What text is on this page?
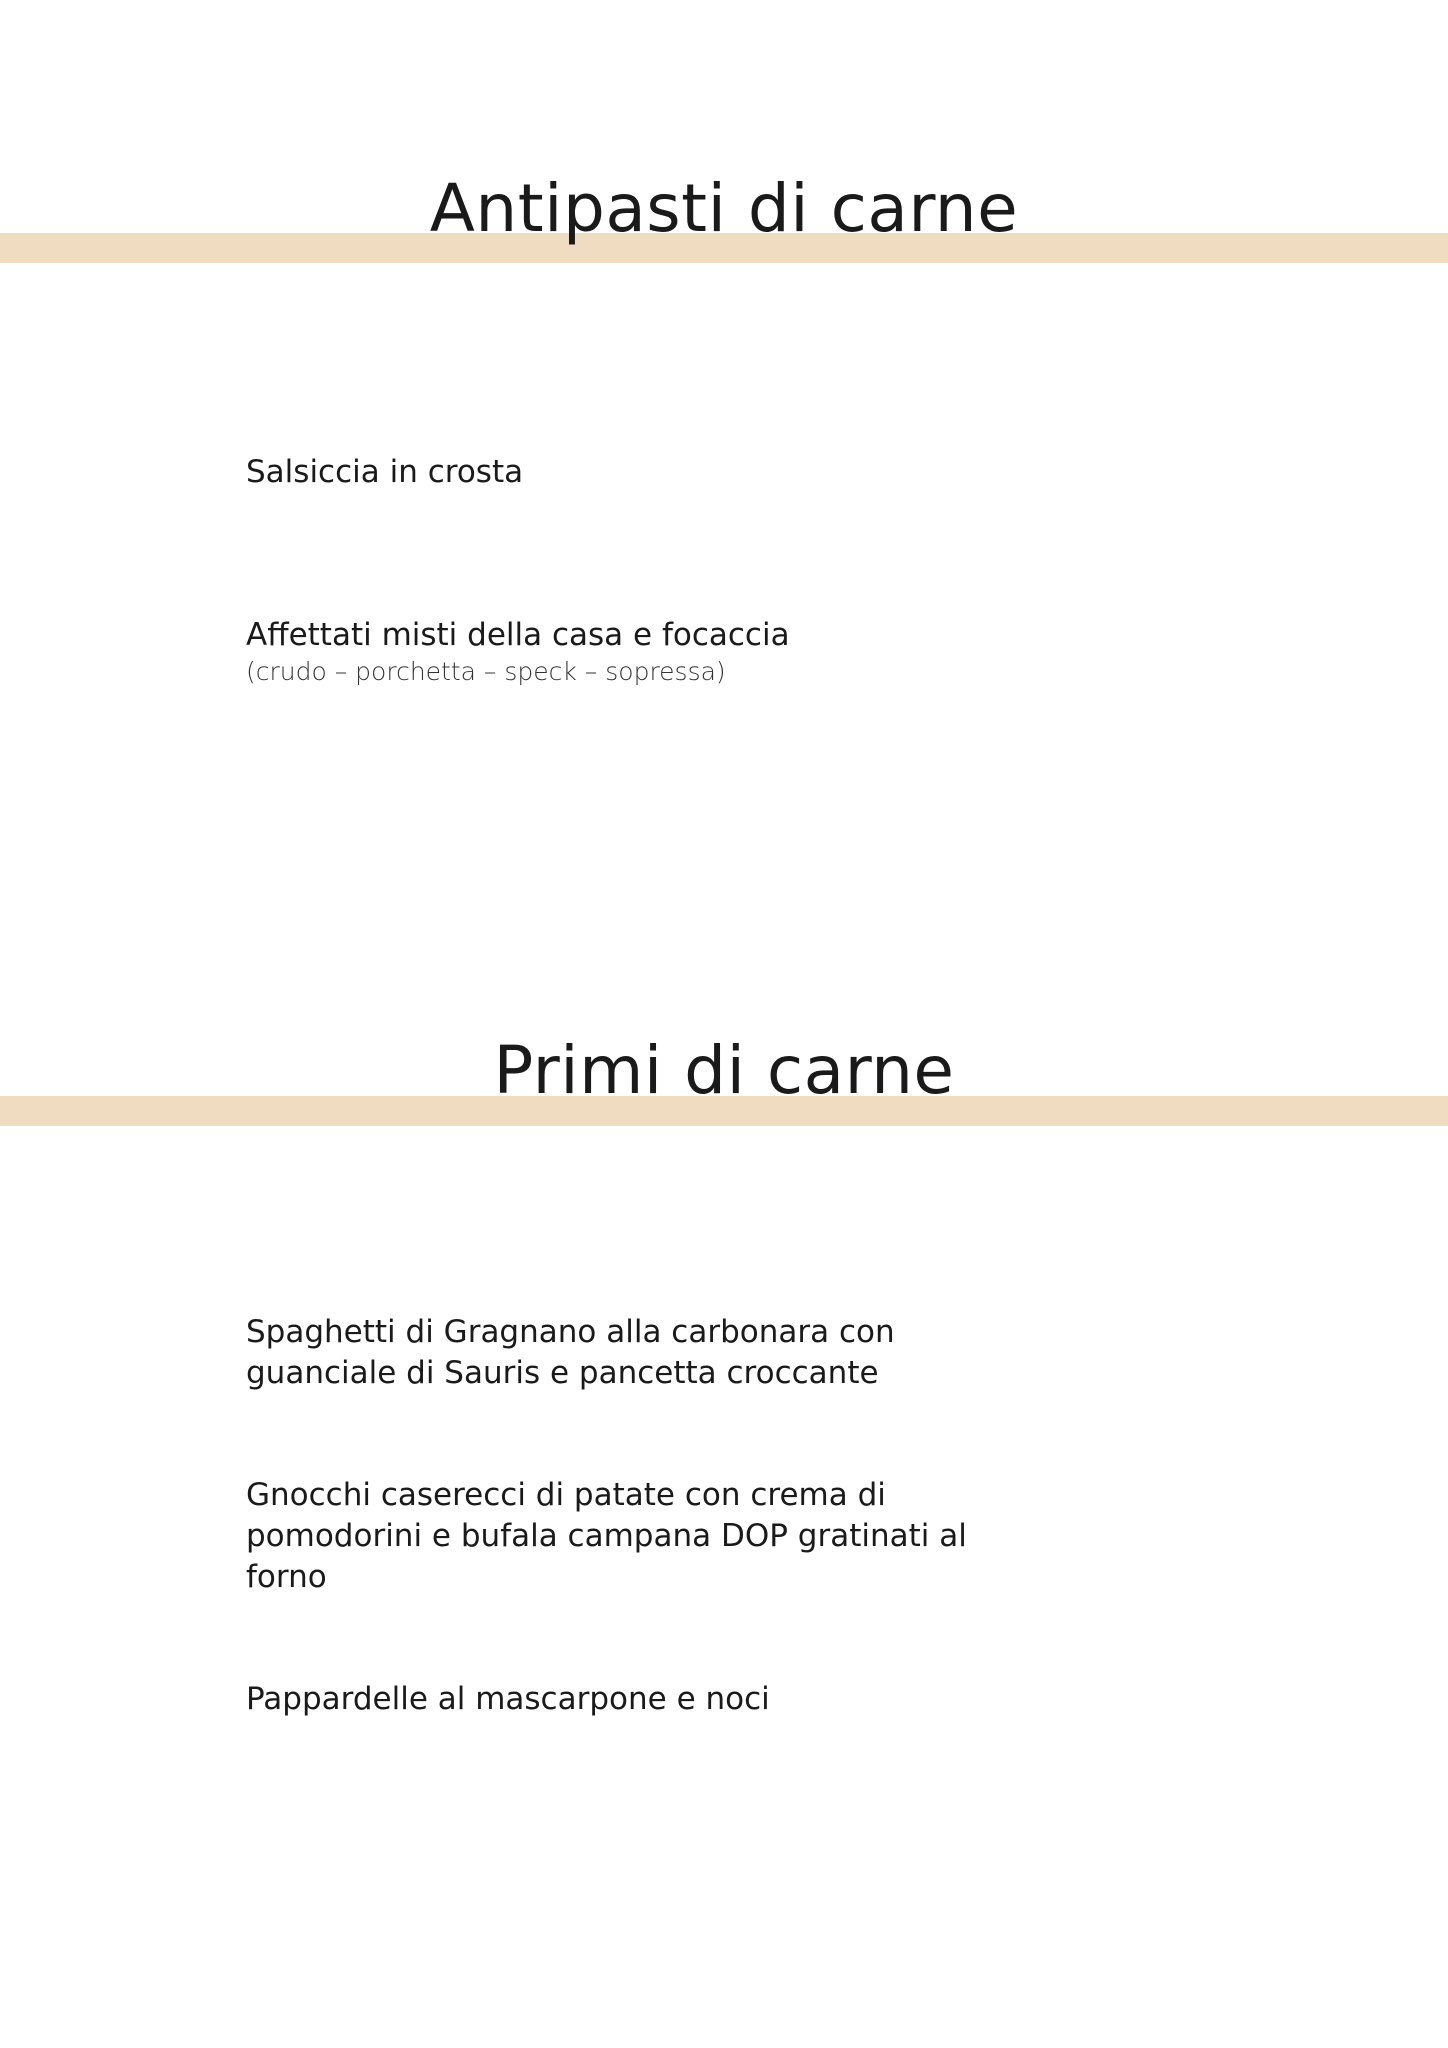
Antipasti di carne

Salsiccia in crosta

Affettati misti della casa e focaccia

(crudo – porchetta – speck – sopressa)

Primi di carne

Spaghetti di Gragnano alla carbonara con guanciale di Sauris e pancetta croccante

Gnocchi caserecci di patate con crema di pomodorini e bufala campana DOP gratinati al forno

Pappardelle al mascarpone e noci
